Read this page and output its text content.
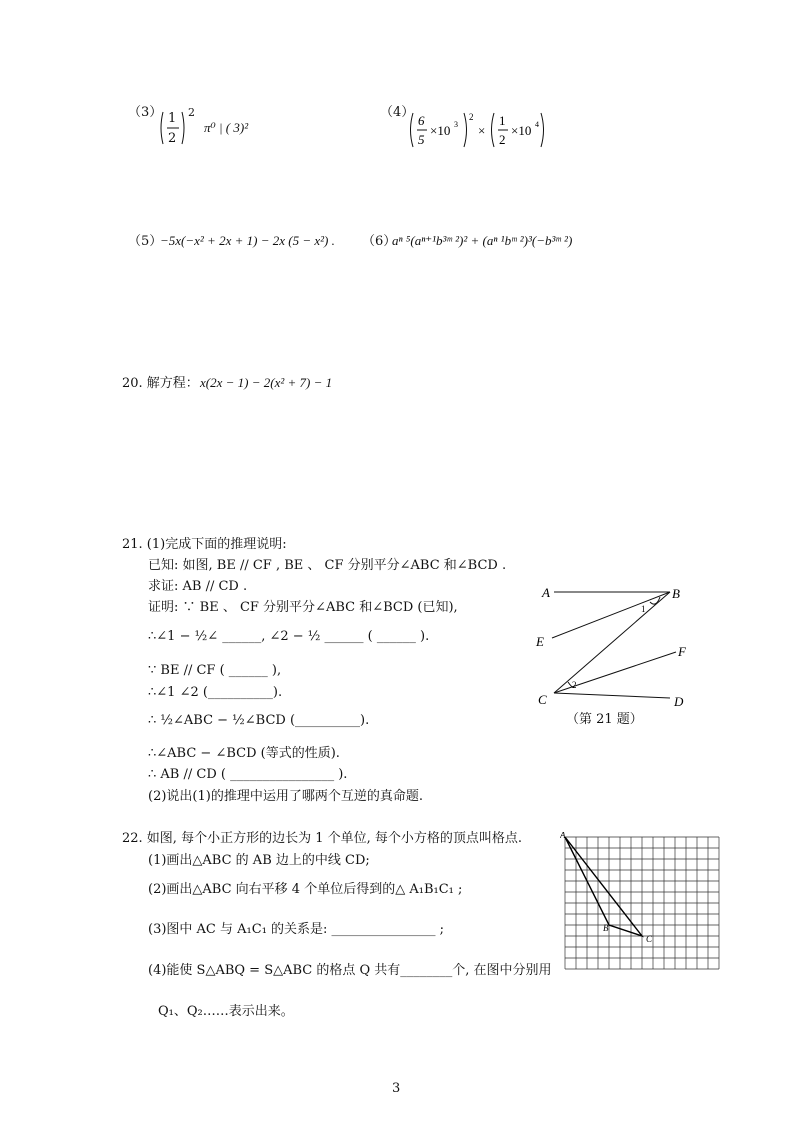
（3） 1
2
2
π⁰ | ( 3)²
（4）
6
5
×10 3
2
×
1
2
×10 4
（5）
−5x(−x² + 2x + 1) − 2x (5 − x²) . （6）
aⁿ ⁵(aⁿ⁺¹b³ᵐ ²)² + (aⁿ ¹bᵐ ²)³(−b³ᵐ ²)
20. 解方程： x(2x − 1) − 2(x² + 7) − 1
21. (1)完成下面的推理说明:
已知: 如图, BE // CF , BE 、 CF 分别平分∠ABC 和∠BCD .
求证: AB // CD .
证明: ∵ BE 、 CF 分别平分∠ABC 和∠BCD (已知),
∴∠1 − ½∠ ______, ∠2 − ½ ______ ( ______ ).
∵ BE // CF ( ______ ),
∴∠1 ∠2 (__________).
∴ ½∠ABC − ½∠BCD (__________).
∴∠ABC − ∠BCD (等式的性质).
∴ AB // CD ( ________________ ).
(2)说出(1)的推理中运用了哪两个互逆的真命题.
A	B
E
F
C	D
1
2
（第 21 题）
22. 如图, 每个小正方形的边长为 1 个单位, 每个小方格的顶点叫格点.
(1)画出△ABC 的 AB 边上的中线 CD;
(2)画出△ABC 向右平移 4 个单位后得到的△ A₁B₁C₁ ;
(3)图中 AC 与 A₁C₁ 的关系是: ________________ ;
(4)能使 S△ABQ = S△ABC 的格点 Q 共有________个, 在图中分别用
Q₁、Q₂……表示出来。
A
B
C
3
